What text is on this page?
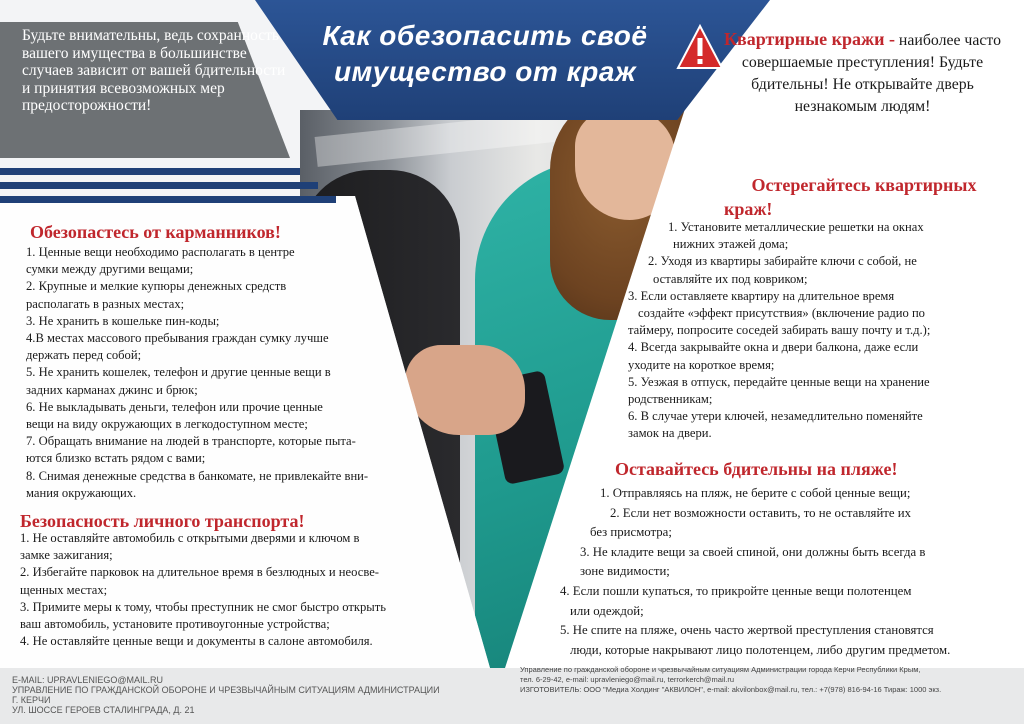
Будьте внимательны, ведь сохранность вашего имущества в большинстве случаев зависит от вашей бдительности и принятия всевозможных мер предосторожности!
Как обезопасить своё
имущество от краж
Квартирные кражи - наиболее часто совершаемые преступления! Будьте бдительны! Не открывайте дверь незнакомым людям!
Обезопастесь от карманников!
1. Ценные вещи необходимо располагать в центре
сумки между другими вещами;
2. Крупные и мелкие купюры денежных средств
располагать в разных местах;
3. Не хранить в кошельке пин-коды;
4.В местах массового пребывания граждан сумку лучше
держать перед собой;
5. Не хранить кошелек, телефон и другие ценные вещи в
задних карманах джинс и брюк;
6. Не выкладывать деньги, телефон или прочие ценные
вещи на виду окружающих в легкодоступном месте;
7. Обращать внимание на людей в транспорте, которые пыта-
ются близко встать рядом с вами;
8. Снимая денежные средства в банкомате, не привлекайте вни-
мания окружающих.
Безопасность личного транспорта!
1. Не оставляйте автомобиль с открытыми дверями и ключом в
замке зажигания;
2. Избегайте парковок на длительное время в безлюдных и неосве-
щенных местах;
3. Примите меры к тому, чтобы преступник не смог быстро открыть
ваш автомобиль, установите противоугонные устройства;
4. Не оставляйте ценные вещи и документы в салоне автомобиля.
Остерегайтесь квартирных
краж!
1. Установите металлические решетки на окнах
нижних этажей дома;
2. Уходя из квартиры забирайте ключи с собой, не
оставляйте их под ковриком;
3. Если оставляете квартиру на длительное время
создайте «эффект присутствия» (включение радио по
таймеру, попросите соседей забирать вашу почту и т.д.);
4. Всегда закрывайте окна и двери балкона, даже если
уходите на короткое время;
5. Уезжая в отпуск, передайте ценные вещи на хранение
родственникам;
6. В случае утери ключей, незамедлительно поменяйте
замок на двери.
Оставайтесь бдительны на пляже!
1. Отправляясь на пляж, не берите с собой ценные вещи;
2. Если нет возможности оставить, то не оставляйте их
без присмотра;
3. Не кладите вещи за своей спиной, они должны быть всегда в
зоне видимости;
4. Если пошли купаться, то прикройте ценные вещи полотенцем
или одеждой;
5. Не спите на пляже, очень часто жертвой преступления становятся
люди, которые накрывают лицо полотенцем, либо другим предметом.
E-MAIL: UPRAVLENIEGO@MAIL.RU
УПРАВЛЕНИЕ ПО ГРАЖДАНСКОЙ ОБОРОНЕ И ЧРЕЗВЫЧАЙНЫМ СИТУАЦИЯМ АДМИНИСТРАЦИИ Г. КЕРЧИ
УЛ. ШОССЕ ГЕРОЕВ СТАЛИНГРАДА, Д. 21
Управление по гражданской обороне и чрезвычайным ситуациям Администрации города Керчи Республики Крым,
тел. 6-29-42, e-mail: upravleniego@mail.ru, terrorkerch@mail.ru
ИЗГОТОВИТЕЛЬ: ООО "Медиа Холдинг "АКВИЛОН", e-mail: akvilonbox@mail.ru, тел.: +7(978) 816-94-16 Тираж: 1000 экз.
